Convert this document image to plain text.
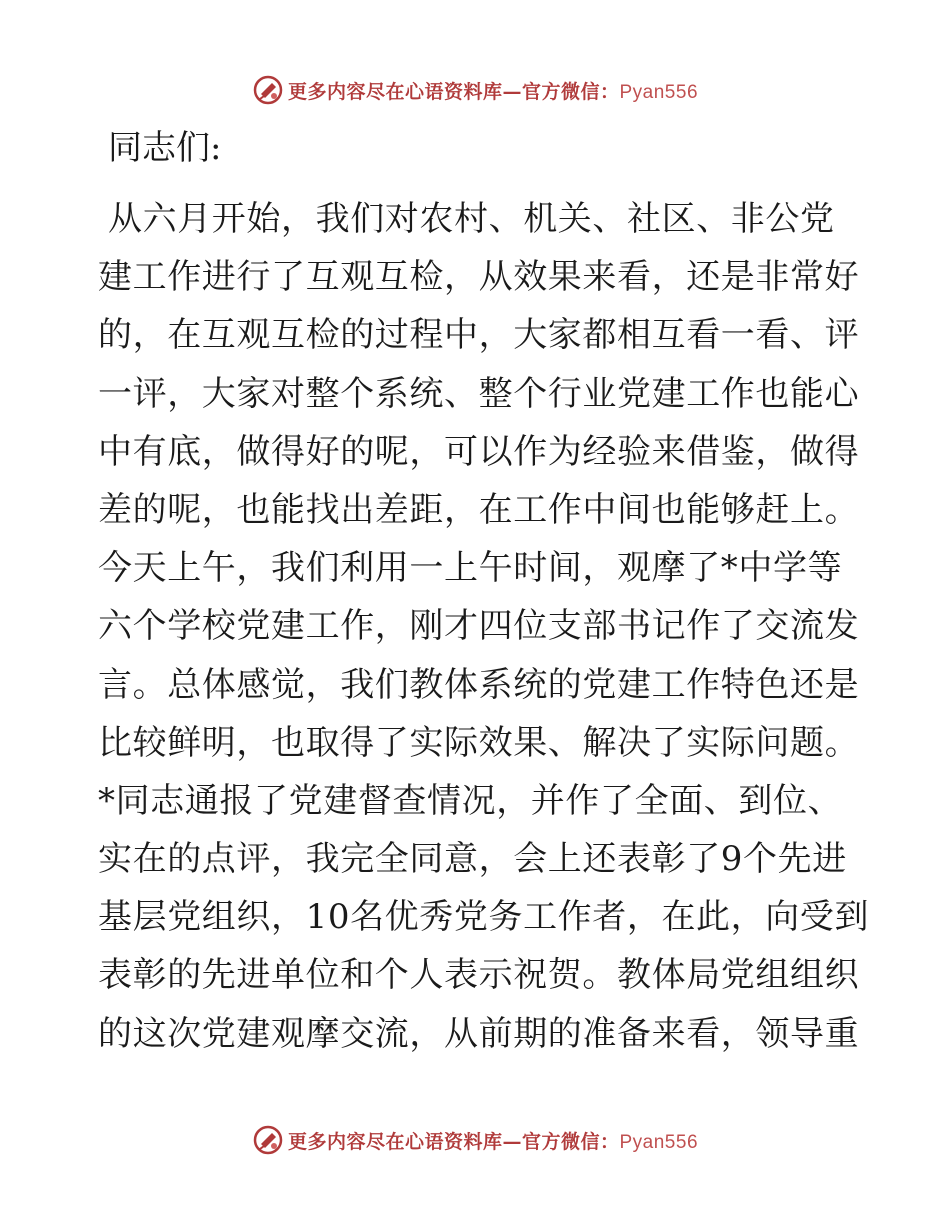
更多内容尽在心语资料库—官方微信：Pyan556
同志们:
从六月开始，我们对农村、机关、社区、非公党
建工作进行了互观互检，从效果来看，还是非常好
的，在互观互检的过程中，大家都相互看一看、评
一评，大家对整个系统、整个行业党建工作也能心
中有底，做得好的呢，可以作为经验来借鉴，做得
差的呢，也能找出差距，在工作中间也能够赶上。
今天上午，我们利用一上午时间，观摩了*中学等
六个学校党建工作，刚才四位支部书记作了交流发
言。总体感觉，我们教体系统的党建工作特色还是
比较鲜明，也取得了实际效果、解决了实际问题。
*同志通报了党建督查情况，并作了全面、到位、
实在的点评，我完全同意，会上还表彰了9个先进
基层党组织，10名优秀党务工作者，在此，向受到
表彰的先进单位和个人表示祝贺。教体局党组组织
的这次党建观摩交流，从前期的准备来看，领导重
更多内容尽在心语资料库—官方微信：Pyan556
